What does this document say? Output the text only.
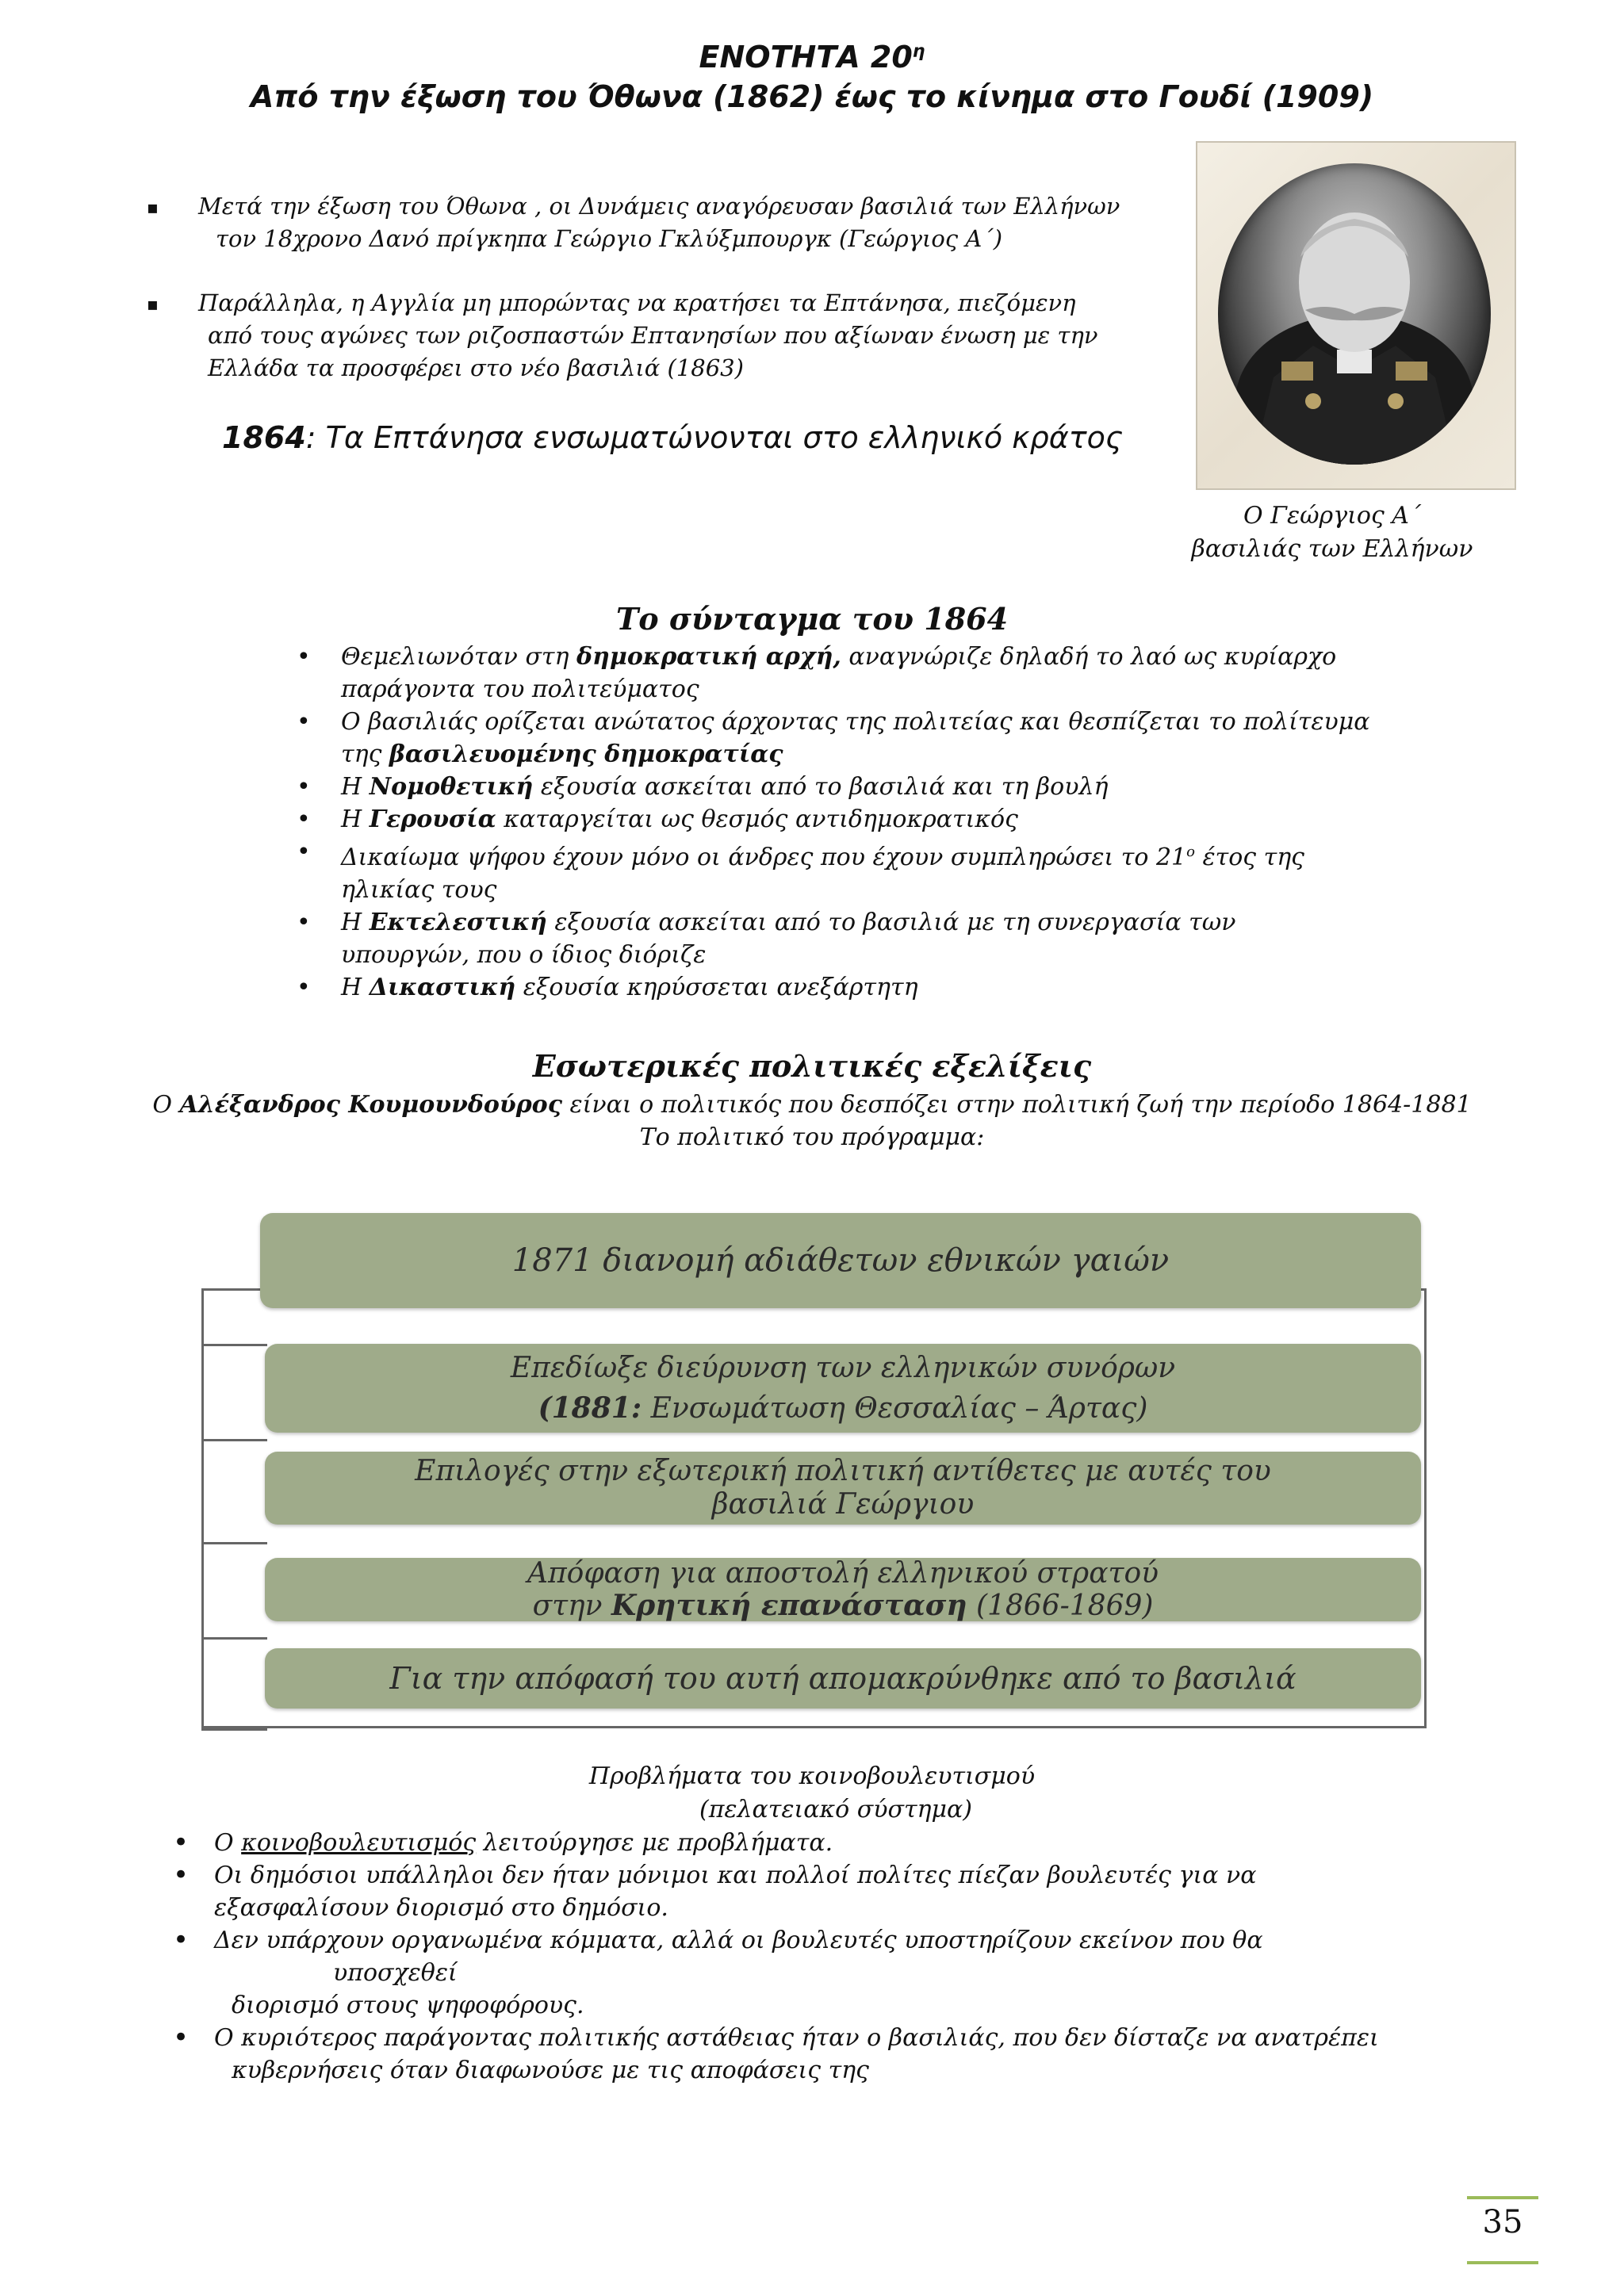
ΕΝΟΤΗΤΑ $20^\eta$
Από την έξωση του Όθωνα (1862) έως το κίνημα στο Γουδί (1909)
▪ Μετά την έξωση του Όθωνα , οι Δυνάμεις αναγόρευσαν βασιλιά των Ελλήνων

τον 18χρονο Δανό πρίγκηπα Γεώργιο Γκλύξμπουργκ (Γεώργιος Α΄)

▪ Παράλληλα, η Αγγλία μη μπορώντας να κρατήσει τα Επτάνησα, πιεζόμενη

από τους αγώνες των ριζοσπαστών Επτανησίων που αξίωναν ένωση με την

Ελλάδα τα προσφέρει στο νέο βασιλιά (1863)

1864: Τα Επτάνησα ενσωματώνονται στο ελληνικό κράτος
Ο Γεώργιος Α΄
βασιλιάς των Ελλήνων
Το σύνταγμα του 1864
• Θεμελιωνόταν στη δημοκρατική αρχή, αναγνώριζε δηλαδή το λαό ως κυρίαρχο
παράγοντα του πολιτεύματος
• Ο βασιλιάς ορίζεται ανώτατος άρχοντας της πολιτείας και θεσπίζεται το πολίτευμα
της βασιλευομένης δημοκρατίας
• Η Νομοθετική εξουσία ασκείται από το βασιλιά και τη βουλή
• Η Γερουσία καταργείται ως θεσμός αντιδημοκρατικός
• Δικαίωμα ψήφου έχουν μόνο οι άνδρες που έχουν συμπληρώσει το $21^o$ έτος της
ηλικίας τους
• Η Εκτελεστική εξουσία ασκείται από το βασιλιά με τη συνεργασία των
υπουργών, που ο ίδιος διόριζε
• Η Δικαστική εξουσία κηρύσσεται ανεξάρτητη
Εσωτερικές πολιτικές εξελίξεις
Ο Αλέξανδρος Κουμουνδούρος είναι ο πολιτικός που δεσπόζει στην πολιτική ζωή την περίοδο 1864-1881
Το πολιτικό του πρόγραμμα:
1871 διανομή αδιάθετων εθνικών γαιών
Επεδίωξε διεύρυνση των ελληνικών συνόρων
(1881: Ενσωμάτωση Θεσσαλίας – Άρτας)
Επιλογές στην εξωτερική πολιτική αντίθετες με αυτές του
βασιλιά Γεώργιου
Απόφαση για αποστολή ελληνικού στρατού
στην Κρητική επανάσταση (1866-1869)
Για την απόφασή του αυτή απομακρύνθηκε από το βασιλιά
Προβλήματα του κοινοβουλευτισμού
(πελατειακό σύστημα)
• Ο κοινοβουλευτισμός λειτούργησε με προβλήματα.
• Οι δημόσιοι υπάλληλοι δεν ήταν μόνιμοι και πολλοί πολίτες πίεζαν βουλευτές για να
εξασφαλίσουν διορισμό στο δημόσιο.
• Δεν υπάρχουν οργανωμένα κόμματα, αλλά οι βουλευτές υποστηρίζουν εκείνον που θα
υποσχεθεί
διορισμό στους ψηφοφόρους.
• Ο κυριότερος παράγοντας πολιτικής αστάθειας ήταν ο βασιλιάς, που δεν δίσταζε να ανατρέπει
κυβερνήσεις όταν διαφωνούσε με τις αποφάσεις της
35
